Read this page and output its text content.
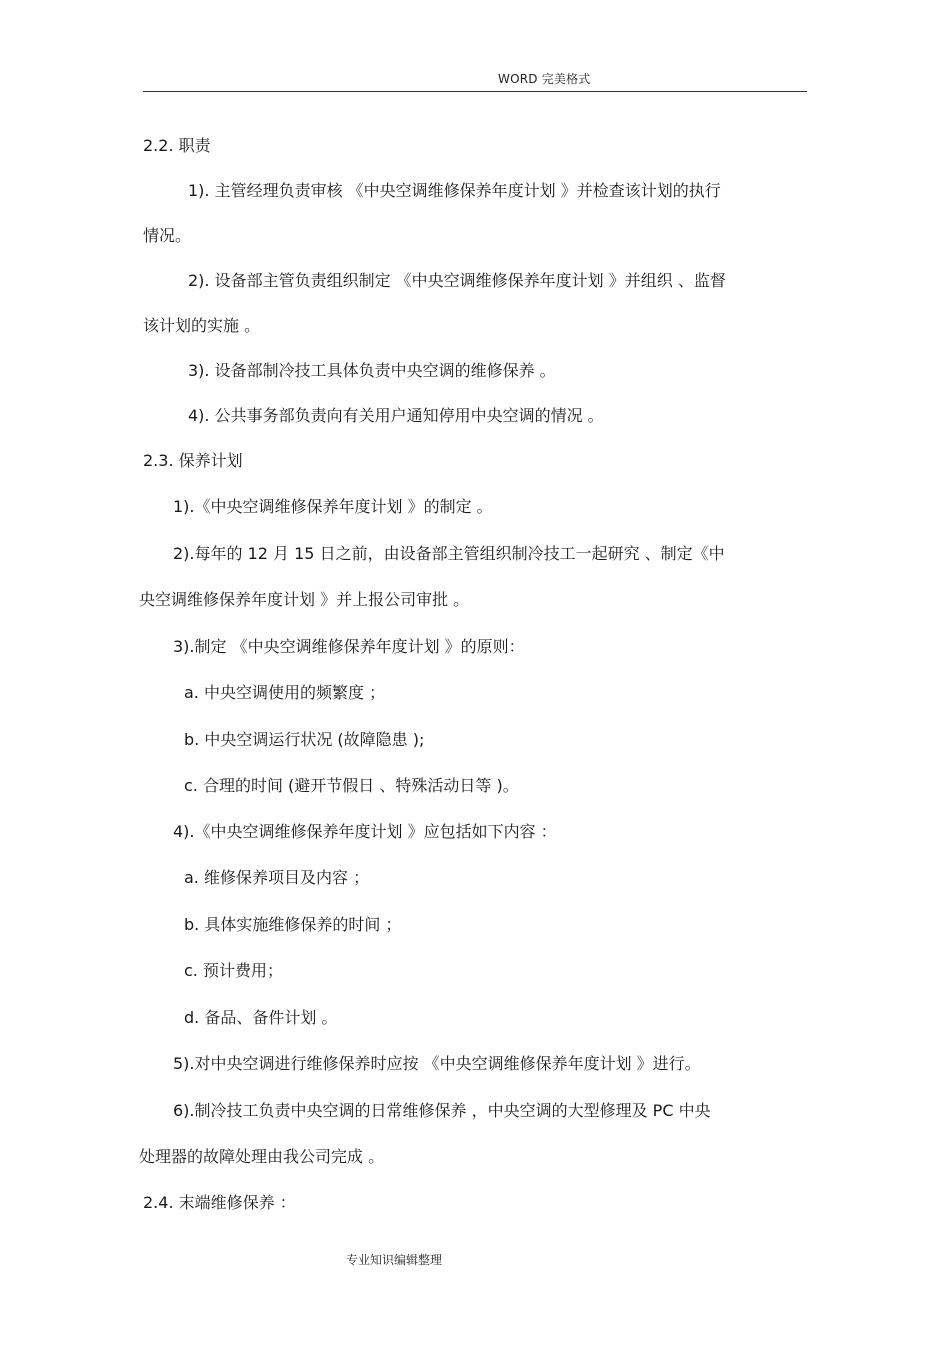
WORD 完美格式
2.2. 职责
1). 主管经理负责审核 《中央空调维修保养年度计划 》并检查该计划的执行
情况。
2). 设备部主管负责组织制定 《中央空调维修保养年度计划 》并组织 、监督
该计划的实施 。
3). 设备部制冷技工具体负责中央空调的维修保养 。
4). 公共事务部负责向有关用户通知停用中央空调的情况 。
2.3. 保养计划
1).《中央空调维修保养年度计划 》的制定 。
2).每年的 12 月 15 日之前，由设备部主管组织制冷技工一起研究 、制定《中
央空调维修保养年度计划 》并上报公司审批 。
3).制定 《中央空调维修保养年度计划 》的原则：
a. 中央空调使用的频繁度 ；
b. 中央空调运行状况 (故障隐患 );
c. 合理的时间 (避开节假日 、特殊活动日等 )。
4).《中央空调维修保养年度计划 》应包括如下内容 ：
a. 维修保养项目及内容 ；
b. 具体实施维修保养的时间 ；
c. 预计费用；
d. 备品、备件计划 。
5).对中央空调进行维修保养时应按 《中央空调维修保养年度计划 》进行。
6).制冷技工负责中央空调的日常维修保养 ，中央空调的大型修理及 PC 中央
处理器的故障处理由我公司完成 。
2.4. 末端维修保养 ：
专业知识编辑整理
